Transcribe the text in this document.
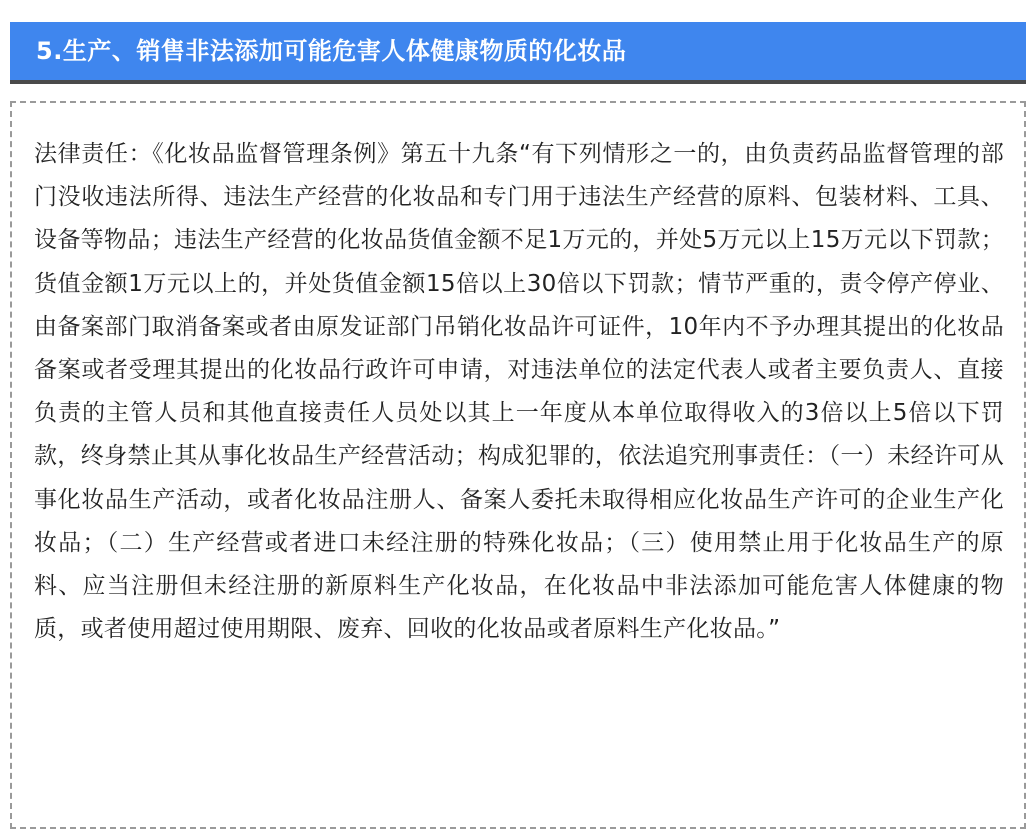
5.生产、销售非法添加可能危害人体健康物质的化妆品

法律责任：《化妆品监督管理条例》第五十九条“有下列情形之一的，由负责药品监督管理的部门没收违法所得、违法生产经营的化妆品和专门用于违法生产经营的原料、包装材料、工具、设备等物品；违法生产经营的化妆品货值金额不足1万元的，并处5万元以上15万元以下罚款；货值金额1万元以上的，并处货值金额15倍以上30倍以下罚款；情节严重的，责令停产停业、由备案部门取消备案或者由原发证部门吊销化妆品许可证件，10年内不予办理其提出的化妆品备案或者受理其提出的化妆品行政许可申请，对违法单位的法定代表人或者主要负责人、直接负责的主管人员和其他直接责任人员处以其上一年度从本单位取得收入的3倍以上5倍以下罚款，终身禁止其从事化妆品生产经营活动；构成犯罪的，依法追究刑事责任：（一）未经许可从事化妆品生产活动，或者化妆品注册人、备案人委托未取得相应化妆品生产许可的企业生产化妆品；（二）生产经营或者进口未经注册的特殊化妆品；（三）使用禁止用于化妆品生产的原料、应当注册但未经注册的新原料生产化妆品，在化妆品中非法添加可能危害人体健康的物质，或者使用超过使用期限、废弃、回收的化妆品或者原料生产化妆品。”
